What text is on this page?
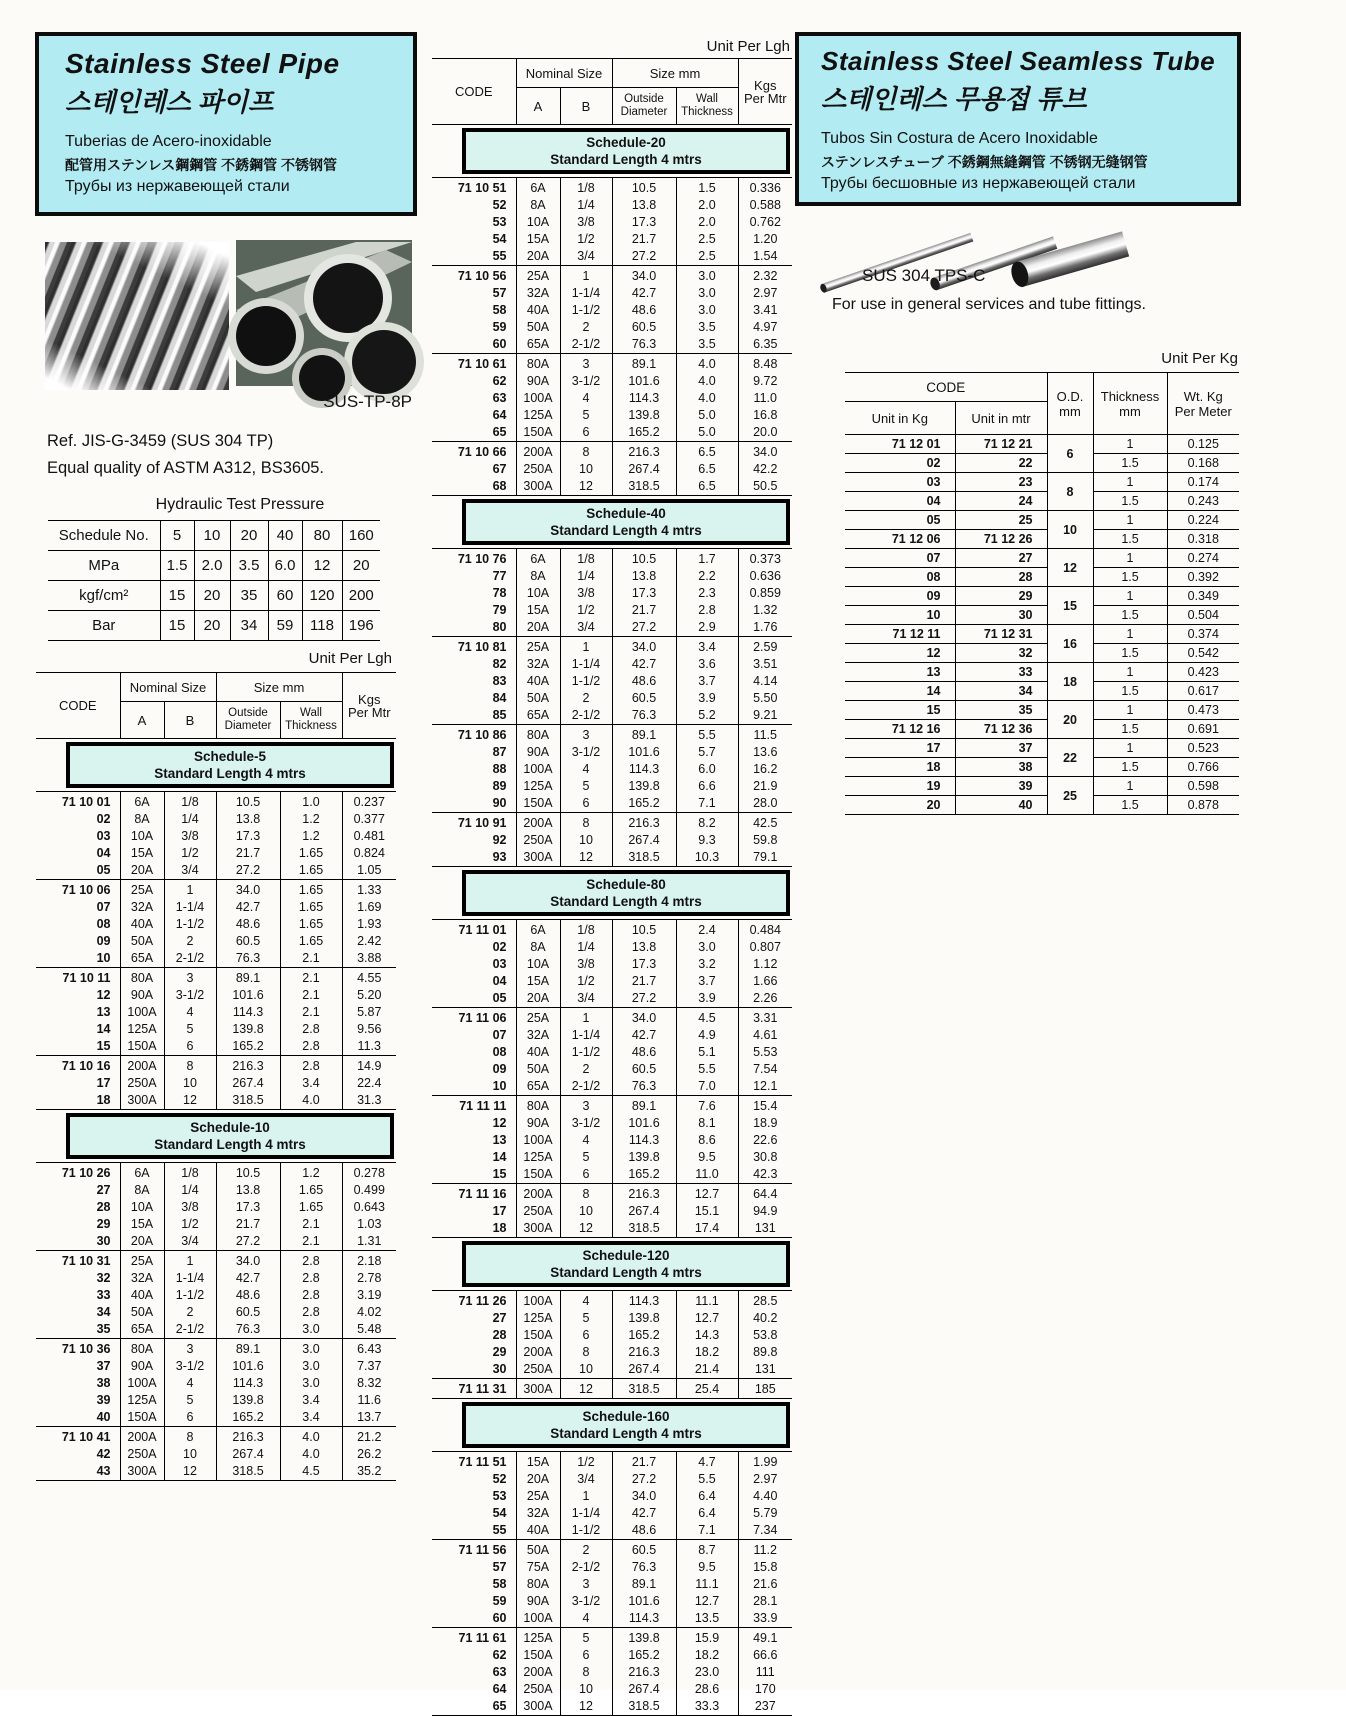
Stainless Steel Pipe
스테인레스 파이프
Tuberias de Acero-inoxidable
配管用ステンレス鋼鋼管 不銹鋼管 不锈钢管
Трубы из нержавеющей стали
SUS-TP-8P
Ref. JIS-G-3459 (SUS 304 TP)
Equal quality of ASTM A312, BS3605.
Hydraulic Test Pressure
Schedule No.	5	10	20	40	80	160
MPa	1.5	2.0	3.5	6.0	12	20
kgf/cm²	15	20	35	60	120	200
Bar	15	20	34	59	118	196
Unit Per Lgh
CODE	Nominal Size		Size mm		Kgs
Per Mtr

A	B	Outside
Diameter

Wall
Thickness

Schedule-5
Standard Length 4 mtrs					

71 10 01	6A	1/8	10.5	1.0	0.237
02	8A	1/4	13.8	1.2	0.377
03	10A	3/8	17.3	1.2	0.481
04	15A	1/2	21.7	1.65	0.824
05	20A	3/4	27.2	1.65	1.05
71 10 06	25A	1	34.0	1.65	1.33
07	32A	1-1/4	42.7	1.65	1.69
08	40A	1-1/2	48.6	1.65	1.93
09	50A	2	60.5	1.65	2.42
10	65A	2-1/2	76.3	2.1	3.88
71 10 11	80A	3	89.1	2.1	4.55
12	90A	3-1/2	101.6	2.1	5.20
13	100A	4	114.3	2.1	5.87
14	125A	5	139.8	2.8	9.56
15	150A	6	165.2	2.8	11.3
71 10 16	200A	8	216.3	2.8	14.9
17	250A	10	267.4	3.4	22.4
18	300A	12	318.5	4.0	31.3

Schedule-10
Standard Length 4 mtrs					

71 10 26	6A	1/8	10.5	1.2	0.278
27	8A	1/4	13.8	1.65	0.499
28	10A	3/8	17.3	1.65	0.643
29	15A	1/2	21.7	2.1	1.03
30	20A	3/4	27.2	2.1	1.31
71 10 31	25A	1	34.0	2.8	2.18
32	32A	1-1/4	42.7	2.8	2.78
33	40A	1-1/2	48.6	2.8	3.19
34	50A	2	60.5	2.8	4.02
35	65A	2-1/2	76.3	3.0	5.48
71 10 36	80A	3	89.1	3.0	6.43
37	90A	3-1/2	101.6	3.0	7.37
38	100A	4	114.3	3.0	8.32
39	125A	5	139.8	3.4	11.6
40	150A	6	165.2	3.4	13.7
71 10 41	200A	8	216.3	4.0	21.2
42	250A	10	267.4	4.0	26.2
43	300A	12	318.5	4.5	35.2
Unit Per Lgh
CODE	Nominal Size		Size mm		Kgs
Per Mtr

A	B	Outside
Diameter

Wall
Thickness

Schedule-20
Standard Length 4 mtrs					

71 10 51	6A	1/8	10.5	1.5	0.336
52	8A	1/4	13.8	2.0	0.588
53	10A	3/8	17.3	2.0	0.762
54	15A	1/2	21.7	2.5	1.20
55	20A	3/4	27.2	2.5	1.54
71 10 56	25A	1	34.0	3.0	2.32
57	32A	1-1/4	42.7	3.0	2.97
58	40A	1-1/2	48.6	3.0	3.41
59	50A	2	60.5	3.5	4.97
60	65A	2-1/2	76.3	3.5	6.35
71 10 61	80A	3	89.1	4.0	8.48
62	90A	3-1/2	101.6	4.0	9.72
63	100A	4	114.3	4.0	11.0
64	125A	5	139.8	5.0	16.8
65	150A	6	165.2	5.0	20.0
71 10 66	200A	8	216.3	6.5	34.0
67	250A	10	267.4	6.5	42.2
68	300A	12	318.5	6.5	50.5

Schedule-40
Standard Length 4 mtrs					

71 10 76	6A	1/8	10.5	1.7	0.373
77	8A	1/4	13.8	2.2	0.636
78	10A	3/8	17.3	2.3	0.859
79	15A	1/2	21.7	2.8	1.32
80	20A	3/4	27.2	2.9	1.76
71 10 81	25A	1	34.0	3.4	2.59
82	32A	1-1/4	42.7	3.6	3.51
83	40A	1-1/2	48.6	3.7	4.14
84	50A	2	60.5	3.9	5.50
85	65A	2-1/2	76.3	5.2	9.21
71 10 86	80A	3	89.1	5.5	11.5
87	90A	3-1/2	101.6	5.7	13.6
88	100A	4	114.3	6.0	16.2
89	125A	5	139.8	6.6	21.9
90	150A	6	165.2	7.1	28.0
71 10 91	200A	8	216.3	8.2	42.5
92	250A	10	267.4	9.3	59.8
93	300A	12	318.5	10.3	79.1

Schedule-80
Standard Length 4 mtrs					

71 11 01	6A	1/8	10.5	2.4	0.484
02	8A	1/4	13.8	3.0	0.807
03	10A	3/8	17.3	3.2	1.12
04	15A	1/2	21.7	3.7	1.66
05	20A	3/4	27.2	3.9	2.26
71 11 06	25A	1	34.0	4.5	3.31
07	32A	1-1/4	42.7	4.9	4.61
08	40A	1-1/2	48.6	5.1	5.53
09	50A	2	60.5	5.5	7.54
10	65A	2-1/2	76.3	7.0	12.1
71 11 11	80A	3	89.1	7.6	15.4
12	90A	3-1/2	101.6	8.1	18.9
13	100A	4	114.3	8.6	22.6
14	125A	5	139.8	9.5	30.8
15	150A	6	165.2	11.0	42.3
71 11 16	200A	8	216.3	12.7	64.4
17	250A	10	267.4	15.1	94.9
18	300A	12	318.5	17.4	131

Schedule-120
Standard Length 4 mtrs					

71 11 26	100A	4	114.3	11.1	28.5
27	125A	5	139.8	12.7	40.2
28	150A	6	165.2	14.3	53.8
29	200A	8	216.3	18.2	89.8
30	250A	10	267.4	21.4	131
71 11 31	300A	12	318.5	25.4	185

Schedule-160
Standard Length 4 mtrs					

71 11 51	15A	1/2	21.7	4.7	1.99
52	20A	3/4	27.2	5.5	2.97
53	25A	1	34.0	6.4	4.40
54	32A	1-1/4	42.7	6.4	5.79
55	40A	1-1/2	48.6	7.1	7.34
71 11 56	50A	2	60.5	8.7	11.2
57	75A	2-1/2	76.3	9.5	15.8
58	80A	3	89.1	11.1	21.6
59	90A	3-1/2	101.6	12.7	28.1
60	100A	4	114.3	13.5	33.9
71 11 61	125A	5	139.8	15.9	49.1
62	150A	6	165.2	18.2	66.6
63	200A	8	216.3	23.0	111
64	250A	10	267.4	28.6	170
65	300A	12	318.5	33.3	237
Stainless Steel Seamless Tube
스테인레스 무용접 튜브
Tubos Sin Costura de Acero Inoxidable
ステンレスチューブ 不銹鋼無縫鋼管 不锈钢无缝钢管
Трубы бесшовные из нержавеющей стали
SUS 304 TPS-C
For use in general services and tube fittings.
Unit Per Kg
CODE	
O.D.
mm

Thickness
mm

Wt. Kg
Per Meter

Unit in Kg	Unit in mtr			
71 12 01	71 12 21	6	1	0.125
02	22		1.5	0.168
03	23	8	1	0.174
04	24		1.5	0.243
05	25	10	1	0.224
71 12 06	71 12 26		1.5	0.318
07	27	12	1	0.274
08	28		1.5	0.392
09	29	15	1	0.349
10	30		1.5	0.504
71 12 11	71 12 31	16	1	0.374
12	32		1.5	0.542
13	33	18	1	0.423
14	34		1.5	0.617
15	35	20	1	0.473
71 12 16	71 12 36		1.5	0.691
17	37	22	1	0.523
18	38		1.5	0.766
19	39	25	1	0.598
20	40		1.5	0.878
